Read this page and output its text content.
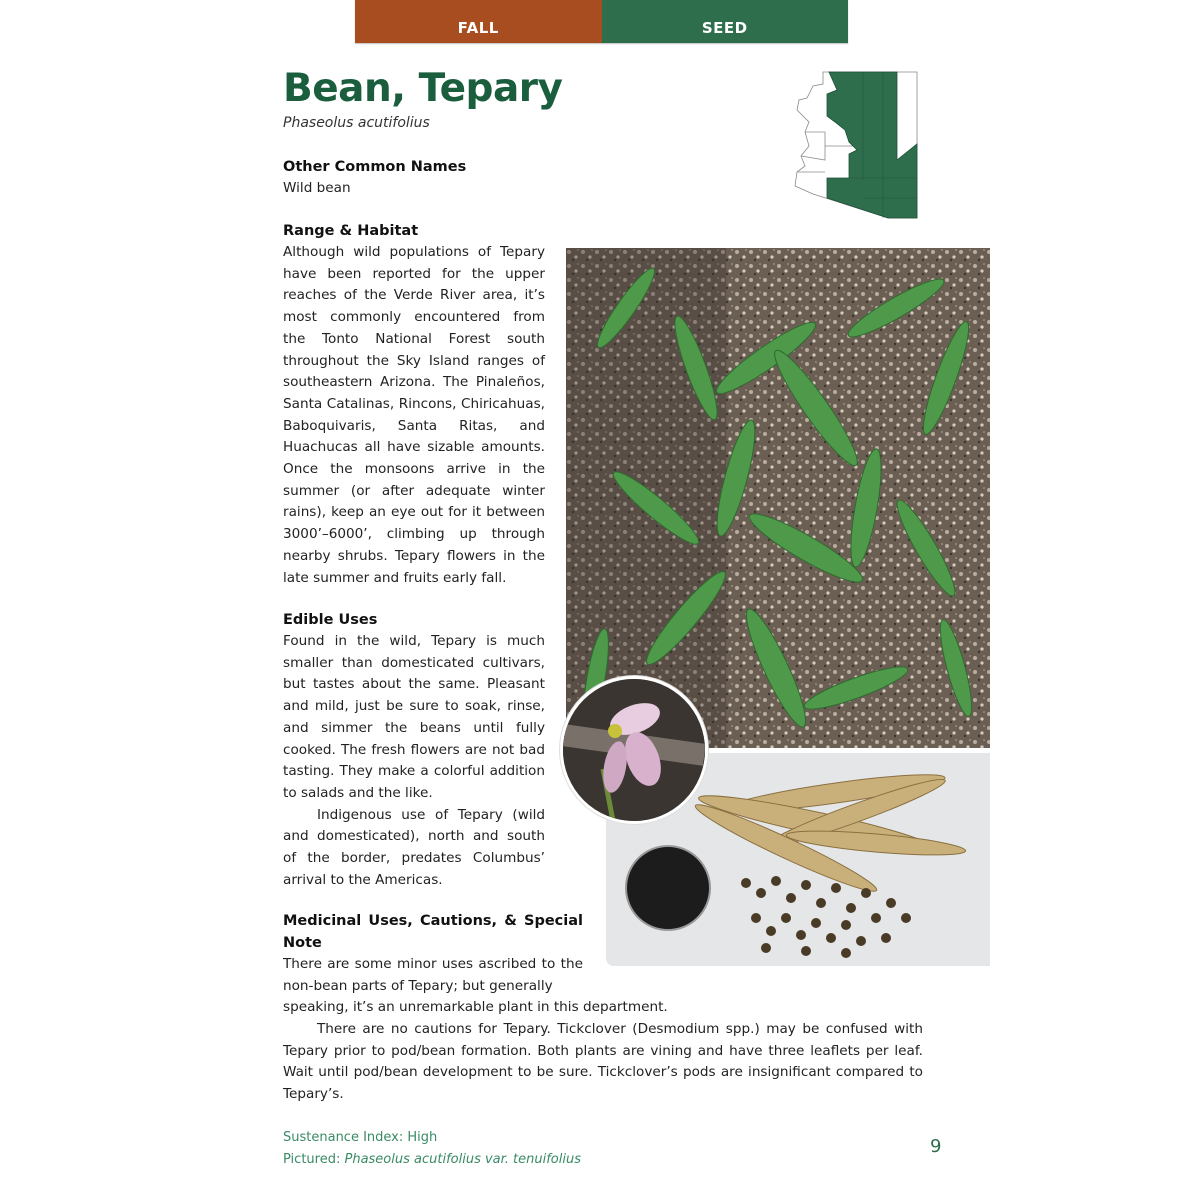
FALL	SEED
Bean, Tepary
Phaseolus acutifolius

Other Common Names

Wild bean

Range & Habitat

Although wild populations of Tepary have been reported for the upper reaches of the Verde River area, it’s most commonly encountered from the Tonto National Forest south throughout the Sky Island ranges of southeastern Arizona. The Pinaleños, Santa Catalinas, Rincons, Chiricahuas, Baboquivaris, Santa Ritas, and Huachucas all have sizable amounts. Once the monsoons arrive in the summer (or after adequate winter rains), keep an eye out for it between 3000’–6000’, climbing up through nearby shrubs. Tepary flowers in the late summer and fruits early fall.

Edible Uses

Found in the wild, Tepary is much smaller than domesticated cultivars, but tastes about the same. Pleasant and mild, just be sure to soak, rinse, and simmer the beans until fully cooked. The fresh flowers are not bad tasting. They make a colorful addition to salads and the like.

Indigenous use of Tepary (wild and domesticated), north and south of the border, predates Columbus’ arrival to the Americas.

Medicinal Uses, Cautions, & Special Note

There are some minor uses ascribed to the non-bean parts of Tepary; but generally

speaking, it’s an unremarkable plant in this department.
There are no cautions for Tepary. Tickclover (Desmodium spp.) may be confused with Tepary prior to pod/bean formation. Both plants are vining and have three leaflets per leaf. Wait until pod/bean development to be sure. Tickclover’s pods are insignificant compared to Tepary’s.
Sustenance Index: High
Pictured: Phaseolus acutifolius var. tenuifolius
9
